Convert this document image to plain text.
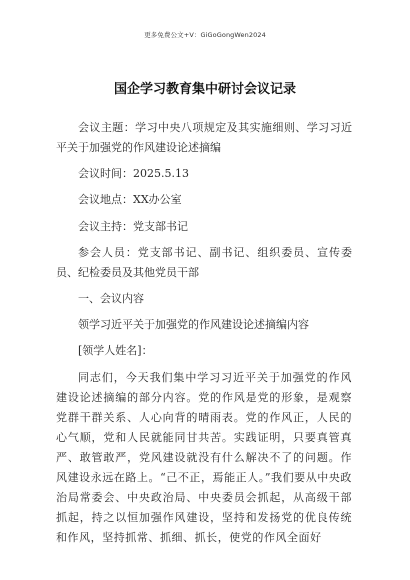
更多免费公文+V：GiGoGongWen2024
国企学习教育集中研讨会议记录

会议主题：学习中央八项规定及其实施细则、学习习近平关于加强党的作风建设论述摘编

会议时间：2025.5.13

会议地点：XX办公室

会议主持：党支部书记

参会人员：党支部书记、副书记、组织委员、宣传委员、纪检委员及其他党员干部

一、会议内容

领学习近平关于加强党的作风建设论述摘编内容

[领学人姓名]：

同志们，今天我们集中学习习近平关于加强党的作风建设论述摘编的部分内容。党的作风是党的形象，是观察党群干群关系、人心向背的晴雨表。党的作风正，人民的心气顺，党和人民就能同甘共苦。实践证明，只要真管真严、敢管敢严，党风建设就没有什么解决不了的问题。作风建设永远在路上。“己不正，焉能正人。”我们要从中央政治局常委会、中央政治局、中央委员会抓起，从高级干部抓起，持之以恒加强作风建设，坚持和发扬党的优良传统和作风，坚持抓常、抓细、抓长，使党的作风全面好
